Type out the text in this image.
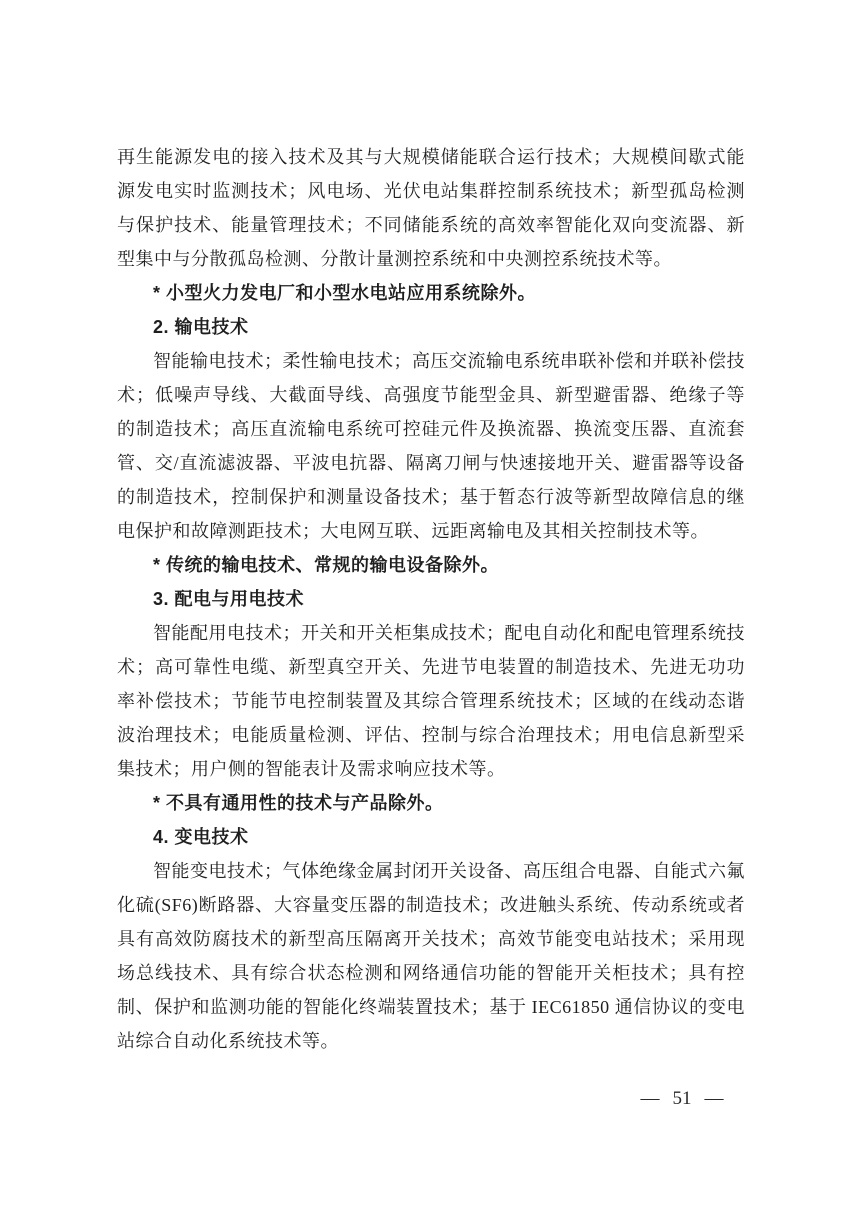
再生能源发电的接入技术及其与大规模储能联合运行技术；大规模间歇式能源发电实时监测技术；风电场、光伏电站集群控制系统技术；新型孤岛检测与保护技术、能量管理技术；不同储能系统的高效率智能化双向变流器、新型集中与分散孤岛检测、分散计量测控系统和中央测控系统技术等。

* 小型火力发电厂和小型水电站应用系统除外。

2. 输电技术

智能输电技术；柔性输电技术；高压交流输电系统串联补偿和并联补偿技术；低噪声导线、大截面导线、高强度节能型金具、新型避雷器、绝缘子等的制造技术；高压直流输电系统可控硅元件及换流器、换流变压器、直流套管、交/直流滤波器、平波电抗器、隔离刀闸与快速接地开关、避雷器等设备的制造技术，控制保护和测量设备技术；基于暂态行波等新型故障信息的继电保护和故障测距技术；大电网互联、远距离输电及其相关控制技术等。

* 传统的输电技术、常规的输电设备除外。

3. 配电与用电技术

智能配用电技术；开关和开关柜集成技术；配电自动化和配电管理系统技术；高可靠性电缆、新型真空开关、先进节电装置的制造技术、先进无功功率补偿技术；节能节电控制装置及其综合管理系统技术；区域的在线动态谐波治理技术；电能质量检测、评估、控制与综合治理技术；用电信息新型采集技术；用户侧的智能表计及需求响应技术等。

* 不具有通用性的技术与产品除外。

4. 变电技术

智能变电技术；气体绝缘金属封闭开关设备、高压组合电器、自能式六氟化硫(SF6)断路器、大容量变压器的制造技术；改进触头系统、传动系统或者具有高效防腐技术的新型高压隔离开关技术；高效节能变电站技术；采用现场总线技术、具有综合状态检测和网络通信功能的智能开关柜技术；具有控制、保护和监测功能的智能化终端装置技术；基于 IEC61850 通信协议的变电站综合自动化系统技术等。

— 51 —
